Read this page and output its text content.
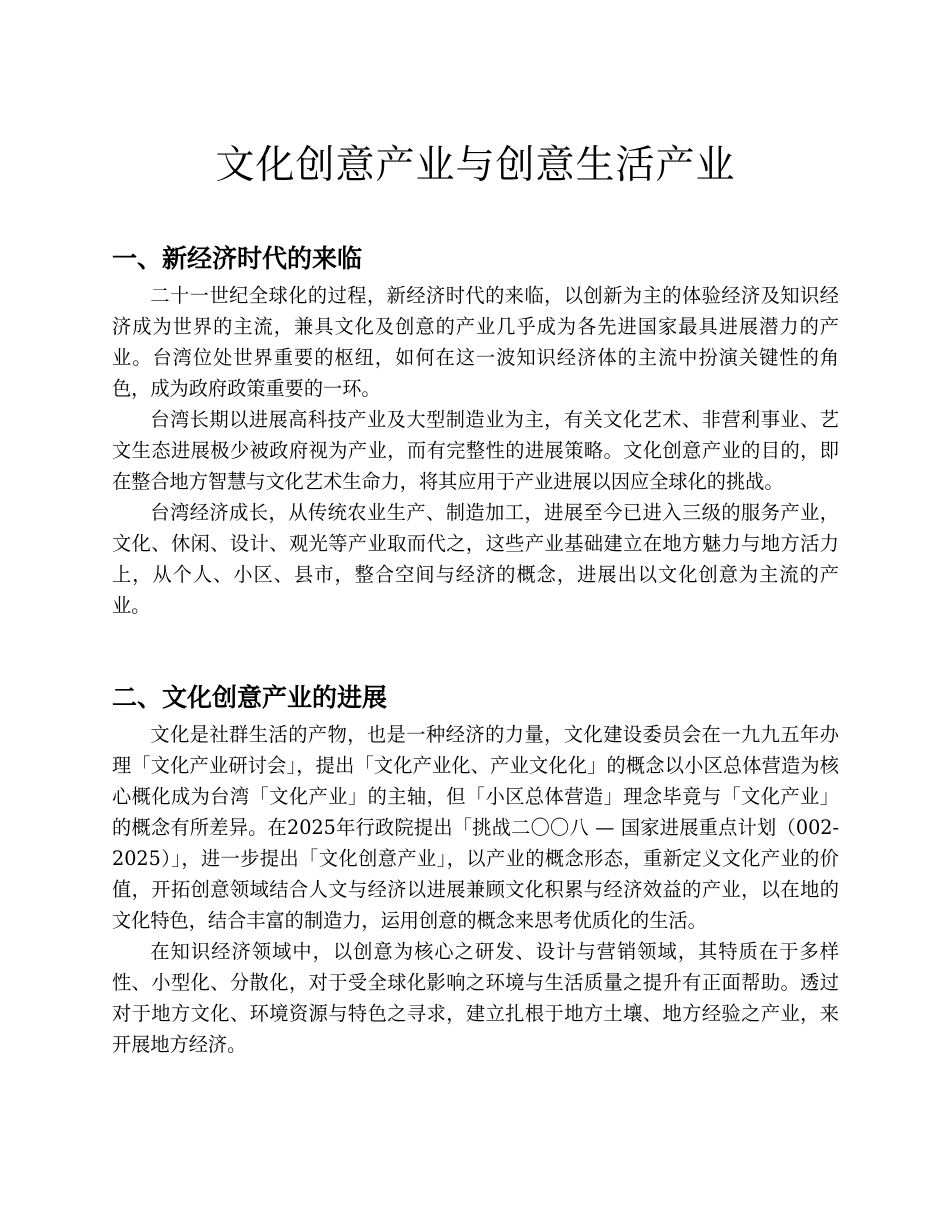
文化创意产业与创意生活产业
一、新经济时代的来临

二十一世纪全球化的过程，新经济时代的来临，以创新为主的体验经济及知识经济成为世界的主流，兼具文化及创意的产业几乎成为各先进国家最具进展潜力的产业。台湾位处世界重要的枢纽，如何在这一波知识经济体的主流中扮演关键性的角色，成为政府政策重要的一环。

台湾长期以进展高科技产业及大型制造业为主，有关文化艺术、非营利事业、艺文生态进展极少被政府视为产业，而有完整性的进展策略。文化创意产业的目的，即在整合地方智慧与文化艺术生命力，将其应用于产业进展以因应全球化的挑战。

台湾经济成长，从传统农业生产、制造加工，进展至今已进入三级的服务产业，文化、休闲、设计、观光等产业取而代之，这些产业基础建立在地方魅力与地方活力上，从个人、小区、县市，整合空间与经济的概念，进展出以文化创意为主流的产业。

二、文化创意产业的进展

文化是社群生活的产物，也是一种经济的力量，文化建设委员会在一九九五年办理「文化产业研讨会」，提出「文化产业化、产业文化化」的概念以小区总体营造为核心概化成为台湾「文化产业」的主轴，但「小区总体营造」理念毕竟与「文化产业」的概念有所差异。在2025年行政院提出「挑战二〇〇八 — 国家进展重点计划（002-2025）」，进一步提出「文化创意产业」，以产业的概念形态，重新定义文化产业的价值，开拓创意领域结合人文与经济以进展兼顾文化积累与经济效益的产业，以在地的文化特色，结合丰富的制造力，运用创意的概念来思考优质化的生活。

在知识经济领域中，以创意为核心之研发、设计与营销领域，其特质在于多样性、小型化、分散化，对于受全球化影响之环境与生活质量之提升有正面帮助。透过对于地方文化、环境资源与特色之寻求，建立扎根于地方土壤、地方经验之产业，来开展地方经济。
